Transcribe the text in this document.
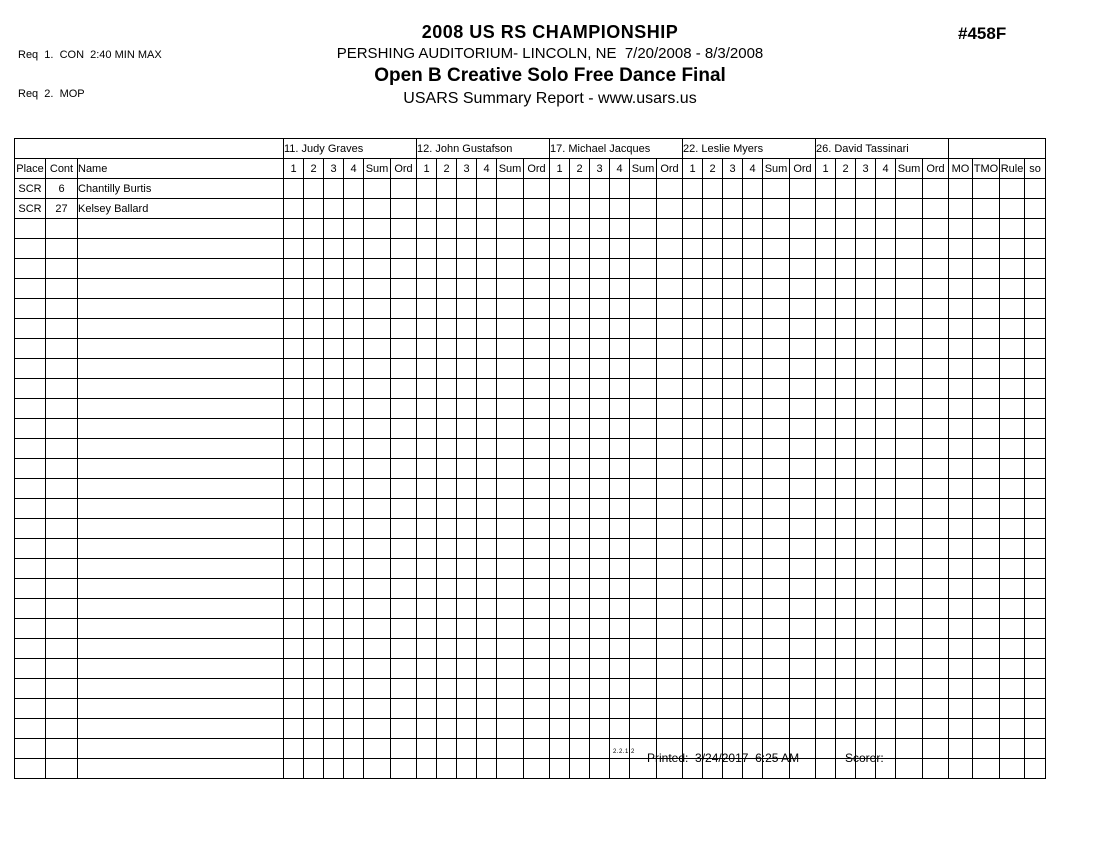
Req  1.  CON  2:40 MIN MAX

Req  2.  MOP

2008 US RS CHAMPIONSHIP
PERSHING AUDITORIUM- LINCOLN, NE  7/20/2008 - 8/3/2008
Open B Creative Solo Free Dance Final
USARS Summary Report - www.usars.us
#458F
			11. Judy Graves						12. John Gustafson						17. Michael Jacques						22. Leslie Myers						26. David Tassinari									
Place	Cont	Name	1	2	3	4	Sum	Ord	1	2	3	4	Sum	Ord	1	2	3	4	Sum	Ord	1	2	3	4	Sum	Ord	1	2	3	4	Sum	Ord	MO	TMO	Rule	so
SCR	6	Chantilly Burtis																																		
SCR	27	Kelsey Ballard																																		

2.2.1.2 Printed: 3/24/2017  6:25 AM	Scorer:
